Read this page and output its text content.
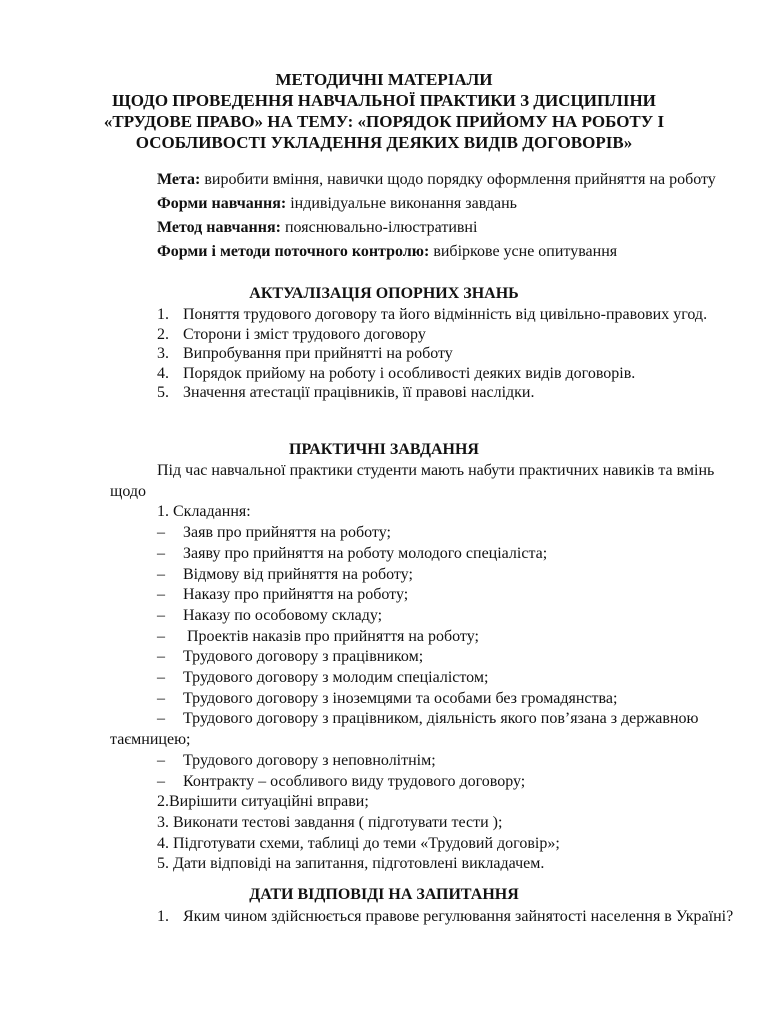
МЕТОДИЧНІ МАТЕРІАЛИ
ЩОДО ПРОВЕДЕННЯ НАВЧАЛЬНОЇ ПРАКТИКИ З ДИСЦИПЛІНИ
«ТРУДОВЕ ПРАВО» НА ТЕМУ: «ПОРЯДОК ПРИЙОМУ НА РОБОТУ І
ОСОБЛИВОСТІ УКЛАДЕННЯ ДЕЯКИХ ВИДІВ ДОГОВОРІВ»

Мета: виробити вміння, навички щодо порядку оформлення прийняття на роботу

Форми навчання: індивідуальне виконання завдань

Метод навчання: пояснювально-ілюстративні

Форми і методи поточного контролю: вибіркове усне опитування

АКТУАЛІЗАЦІЯ ОПОРНИХ ЗНАНЬ
1. Поняття трудового договору та його відмінність від цивільно-правових угод.
2. Сторони і зміст трудового договору
3. Випробування при прийнятті на роботу
4. Порядок прийому на роботу і особливості деяких видів договорів.
5. Значення атестації працівників, її правові наслідки.
ПРАКТИЧНІ ЗАВДАННЯ
Під час навчальної практики студенти мають набути практичних навиків та вмінь щодо
1. Складання:
– Заяв про прийняття на роботу;
– Заяву про прийняття на роботу молодого спеціаліста;
– Відмову від прийняття на роботу;
– Наказу про прийняття на роботу;
– Наказу по особовому складу;
– Проектів наказів про прийняття на роботу;
– Трудового договору з працівником;
– Трудового договору з молодим спеціалістом;
– Трудового договору з іноземцями та особами без громадянства;
–	Трудового договору з працівником, діяльність якого пов’язана з державною таємницею;
– Трудового договору з неповнолітнім;
– Контракту – особливого виду трудового договору;
2.Вирішити ситуаційні вправи;
3. Виконати тестові завдання ( підготувати тести );
4. Підготувати схеми, таблиці до теми «Трудовий договір»;
5. Дати відповіді на запитання, підготовлені викладачем.
ДАТИ ВІДПОВІДІ НА ЗАПИТАННЯ
1. Яким чином здійснюється правове регулювання зайнятості населення в Україні?
